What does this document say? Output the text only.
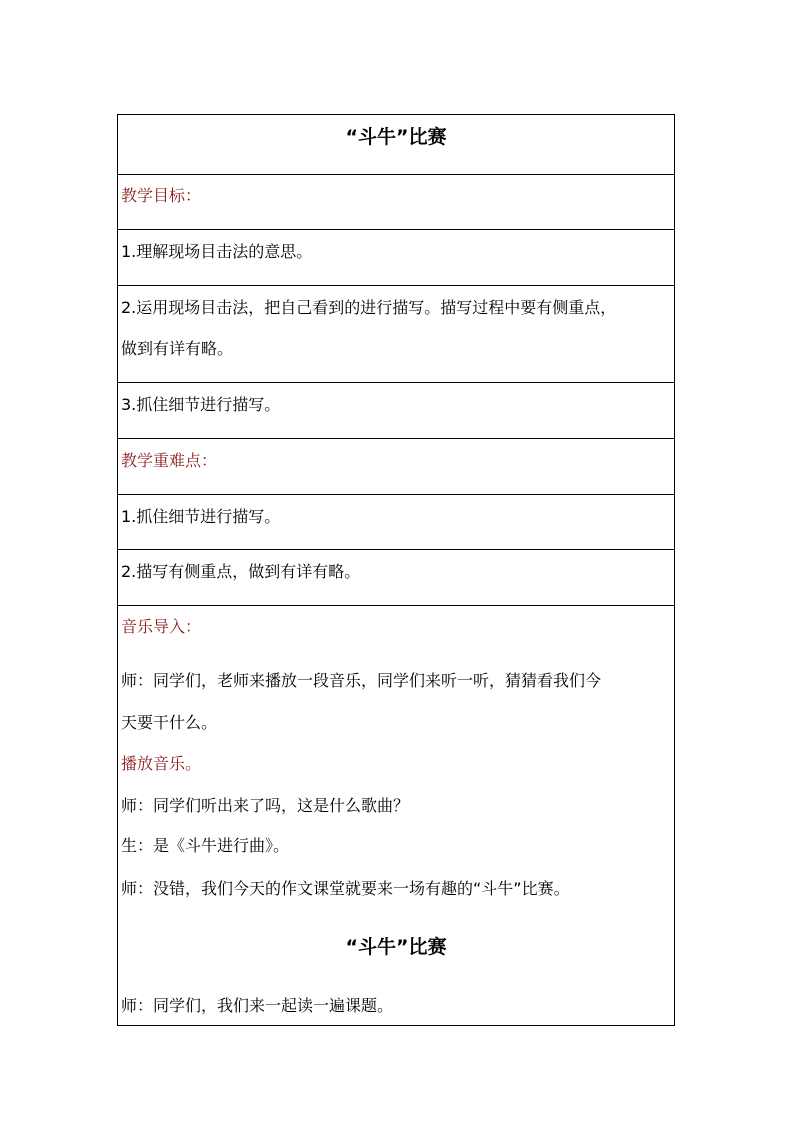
“斗牛”比赛
教学目标：
1.理解现场目击法的意思。
2.运用现场目击法，把自己看到的进行描写。描写过程中要有侧重点，
做到有详有略。
3.抓住细节进行描写。
教学重难点：
1.抓住细节进行描写。
2.描写有侧重点，做到有详有略。
音乐导入：
师：同学们，老师来播放一段音乐，同学们来听一听，猜猜看我们今
天要干什么。
播放音乐。
师：同学们听出来了吗，这是什么歌曲？
生：是《斗牛进行曲》。
师：没错，我们今天的作文课堂就要来一场有趣的“斗牛”比赛。
“斗牛”比赛
师：同学们，我们来一起读一遍课题。
